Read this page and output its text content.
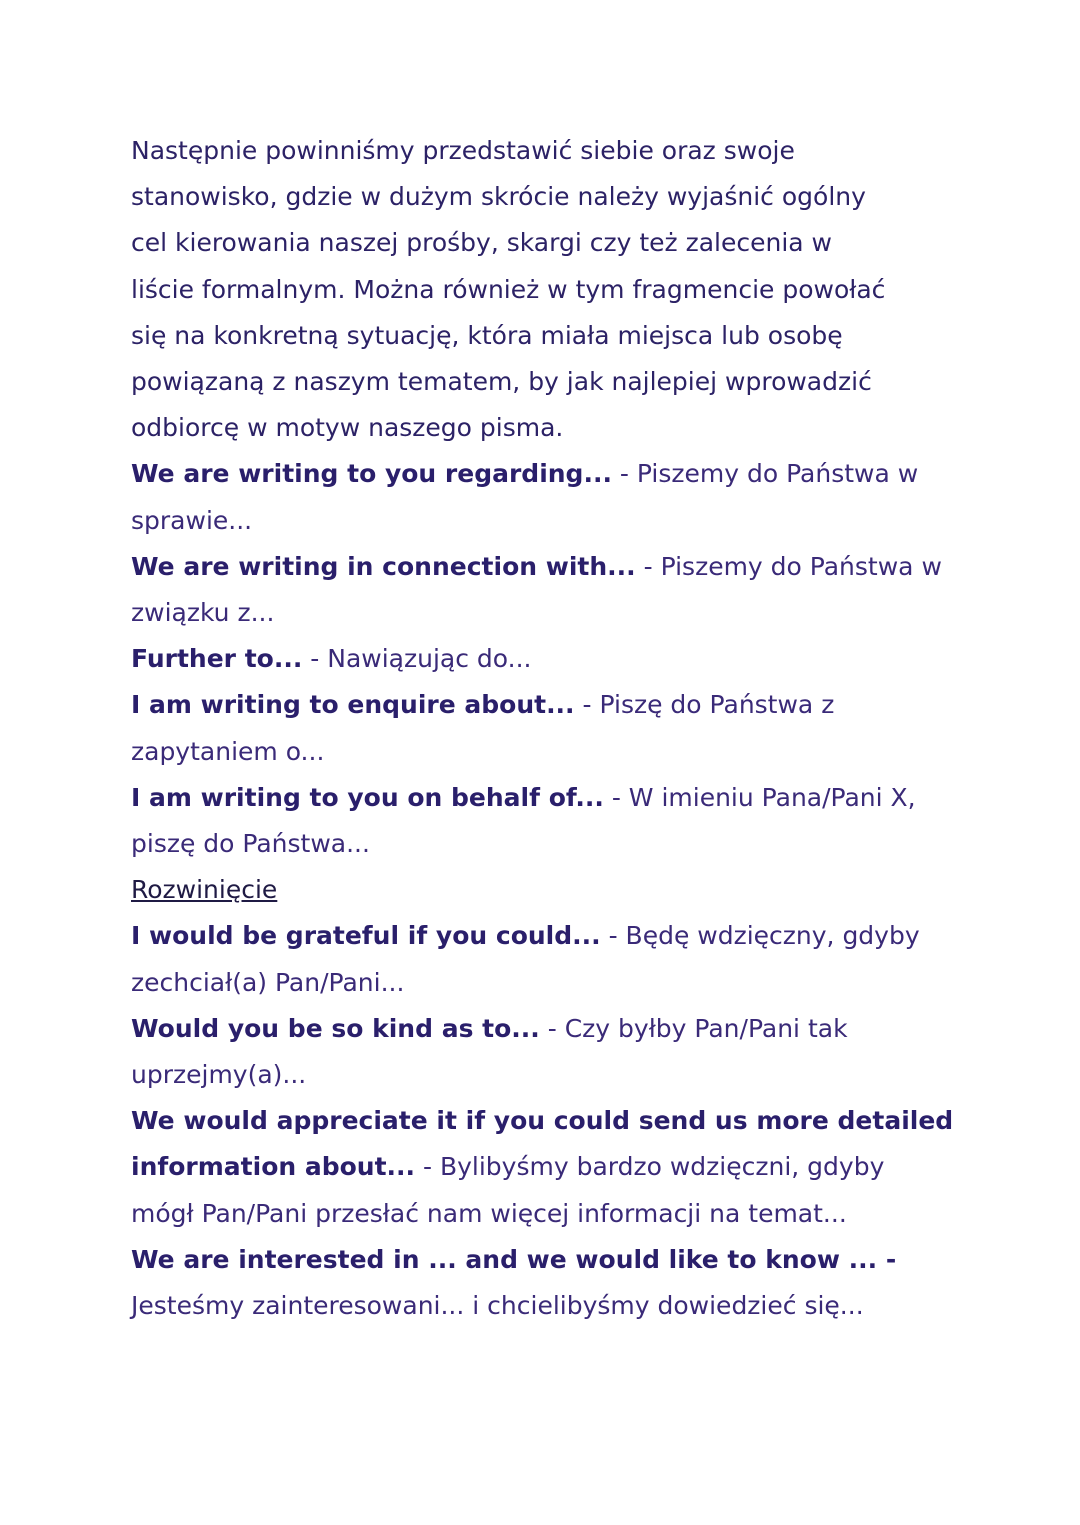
Następnie powinniśmy przedstawić siebie oraz swoje

stanowisko, gdzie w dużym skrócie należy wyjaśnić ogólny

cel kierowania naszej prośby, skargi czy też zalecenia w

liście formalnym. Można również w tym fragmencie powołać

się na konkretną sytuację, która miała miejsca lub osobę

powiązaną z naszym tematem, by jak najlepiej wprowadzić

odbiorcę w motyw naszego pisma.

We are writing to you regarding... - Piszemy do Państwa w

sprawie...

We are writing in connection with... - Piszemy do Państwa w

związku z...

Further to... - Nawiązując do...

I am writing to enquire about... - Piszę do Państwa z

zapytaniem o...

I am writing to you on behalf of... - W imieniu Pana/Pani X,

piszę do Państwa...

Rozwinięcie

I would be grateful if you could... - Będę wdzięczny, gdyby

zechciał(a) Pan/Pani...

Would you be so kind as to... - Czy byłby Pan/Pani tak

uprzejmy(a)...

We would appreciate it if you could send us more detailed

information about... - Bylibyśmy bardzo wdzięczni, gdyby

mógł Pan/Pani przesłać nam więcej informacji na temat...

We are interested in ... and we would like to know ... -

Jesteśmy zainteresowani... i chcielibyśmy dowiedzieć się...
